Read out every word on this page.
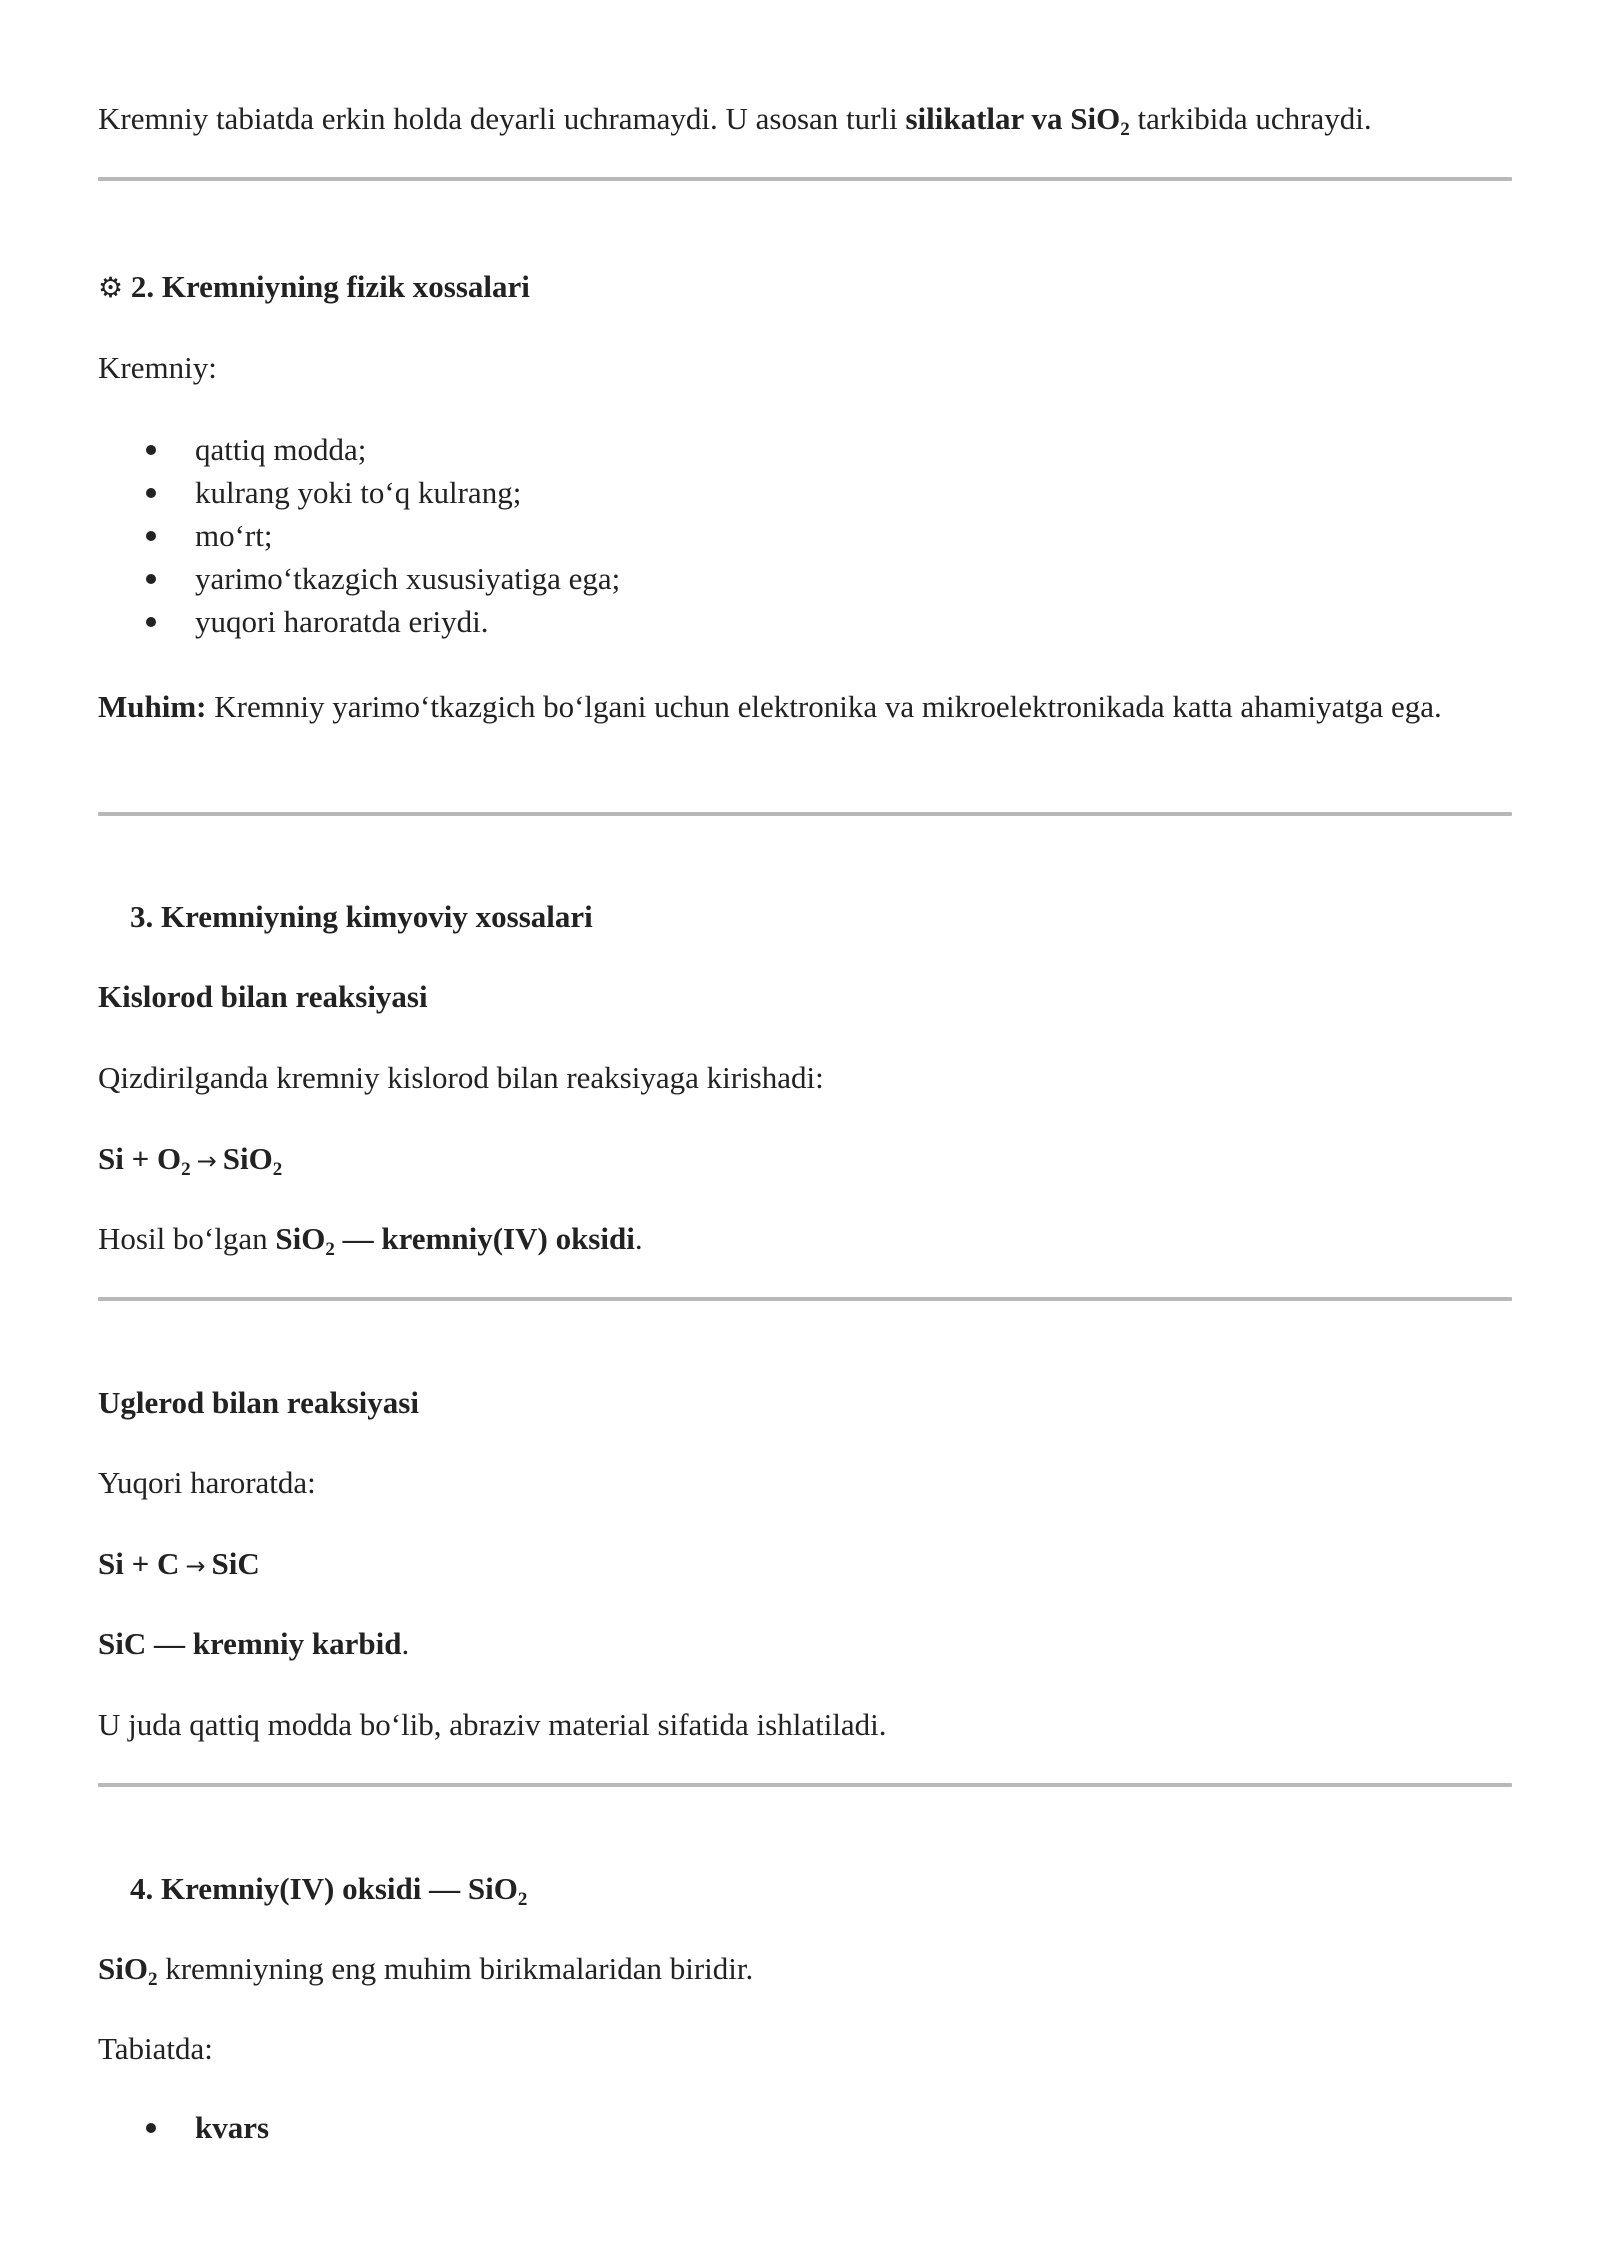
Kremniy tabiatda erkin holda deyarli uchramaydi. U asosan turli silikatlar va SiO$_2$ tarkibida uchraydi.
⚙ 2. Kremniyning fizik xossalari
Kremniy:
qattiq modda;
kulrang yoki to‘q kulrang;
mo‘rt;
yarimo‘tkazgich xususiyatiga ega;
yuqori haroratda eriydi.
Muhim: Kremniy yarimo‘tkazgich bo‘lgani uchun elektronika va mikroelektronikada katta ahamiyatga ega.
3. Kremniyning kimyoviy xossalari
Kislorod bilan reaksiyasi
Qizdirilganda kremniy kislorod bilan reaksiyaga kirishadi:
$Si + O_2 \to SiO_2$
Hosil bo‘lgan SiO$_2$ — kremniy(IV) oksidi.
Uglerod bilan reaksiyasi
Yuqori haroratda:
Si + C → SiC
SiC — kremniy karbid.
U juda qattiq modda bo‘lib, abraziv material sifatida ishlatiladi.
4. Kremniy(IV) oksidi — SiO$_2$
SiO$_2$ kremniyning eng muhim birikmalaridan biridir.
Tabiatda:
kvars
